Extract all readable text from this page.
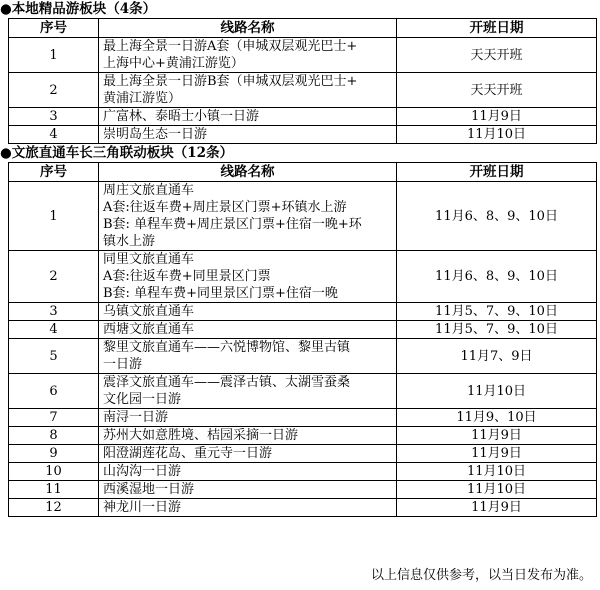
●本地精品游板块（4条）
序号	线路名称	开班日期
1	最上海全景一日游A套（申城双层观光巴士+
上海中心+黄浦江游览）	天天开班
2	最上海全景一日游B套（申城双层观光巴士+
黄浦江游览）	天天开班
3	广富林、泰晤士小镇一日游	11月9日
4	崇明岛生态一日游	11月10日
●文旅直通车长三角联动板块（12条）
序号	线路名称	开班日期
1	周庄文旅直通车
A套:往返车费+周庄景区门票+环镇水上游
B套: 单程车费+周庄景区门票+住宿一晚+环
镇水上游	11月6、8、9、10日
2	同里文旅直通车
A套:往返车费+同里景区门票
B套: 单程车费+同里景区门票+住宿一晚	11月6、8、9、10日
3	乌镇文旅直通车	11月5、7、9、10日
4	西塘文旅直通车	11月5、7、9、10日
5	黎里文旅直通车——六悦博物馆、黎里古镇
一日游	11月7、9日
6	震泽文旅直通车——震泽古镇、太湖雪蚕桑
文化园一日游	11月10日
7	南浔一日游	11月9、10日
8	苏州大如意胜境、桔园采摘一日游	11月9日
9	阳澄湖莲花岛、重元寺一日游	11月9日
10	山沟沟一日游	11月10日
11	西溪湿地一日游	11月10日
12	神龙川一日游	11月9日
以上信息仅供参考，以当日发布为准。
